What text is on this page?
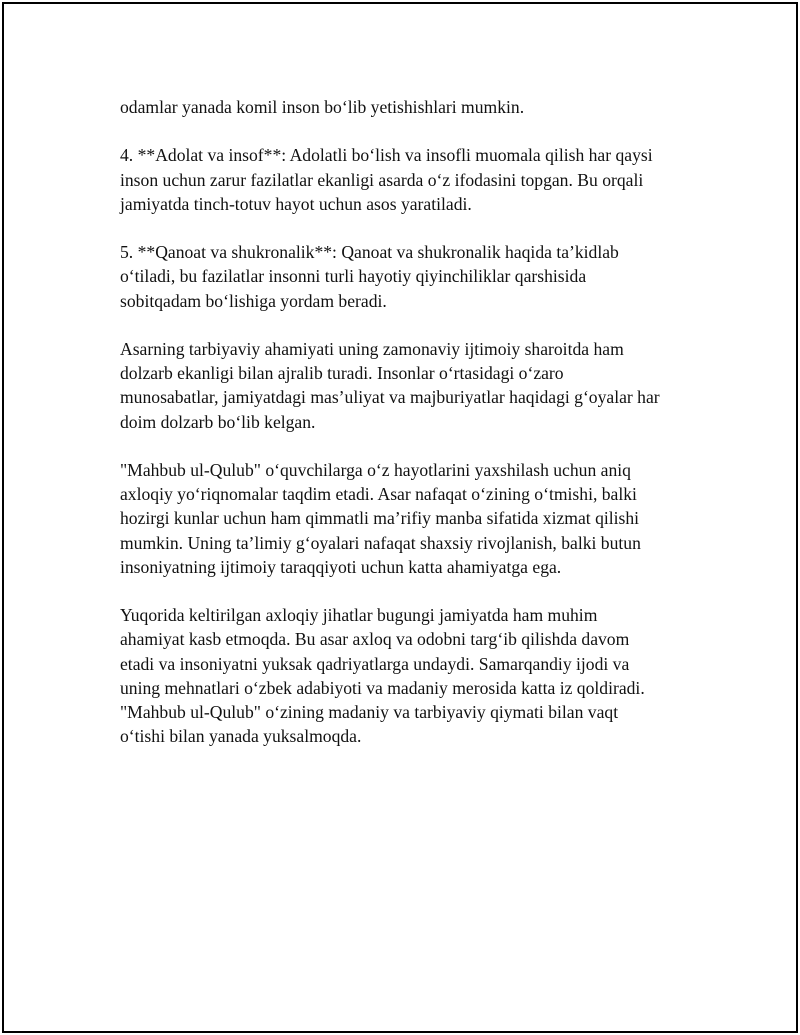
odamlar yanada komil inson boʻlib yetishishlari mumkin.

4. **Adolat va insof**: Adolatli boʻlish va insofli muomala qilish har qaysi
inson uchun zarur fazilatlar ekanligi asarda oʻz ifodasini topgan. Bu orqali
jamiyatda tinch-totuv hayot uchun asos yaratiladi.

5. **Qanoat va shukronalik**: Qanoat va shukronalik haqida taʼkidlab
oʻtiladi, bu fazilatlar insonni turli hayotiy qiyinchiliklar qarshisida
sobitqadam boʻlishiga yordam beradi.

Asarning tarbiyaviy ahamiyati uning zamonaviy ijtimoiy sharoitda ham
dolzarb ekanligi bilan ajralib turadi. Insonlar oʻrtasidagi oʻzaro
munosabatlar, jamiyatdagi masʼuliyat va majburiyatlar haqidagi gʻoyalar har
doim dolzarb boʻlib kelgan.

"Mahbub ul-Qulub" oʻquvchilarga oʻz hayotlarini yaxshilash uchun aniq
axloqiy yoʻriqnomalar taqdim etadi. Asar nafaqat oʻzining oʻtmishi, balki
hozirgi kunlar uchun ham qimmatli maʼrifiy manba sifatida xizmat qilishi
mumkin. Uning taʼlimiy gʻoyalari nafaqat shaxsiy rivojlanish, balki butun
insoniyatning ijtimoiy taraqqiyoti uchun katta ahamiyatga ega.

Yuqorida keltirilgan axloqiy jihatlar bugungi jamiyatda ham muhim
ahamiyat kasb etmoqda. Bu asar axloq va odobni targʻib qilishda davom
etadi va insoniyatni yuksak qadriyatlarga undaydi. Samarqandiy ijodi va
uning mehnatlari oʻzbek adabiyoti va madaniy merosida katta iz qoldiradi.
"Mahbub ul-Qulub" oʻzining madaniy va tarbiyaviy qiymati bilan vaqt
oʻtishi bilan yanada yuksalmoqda.
